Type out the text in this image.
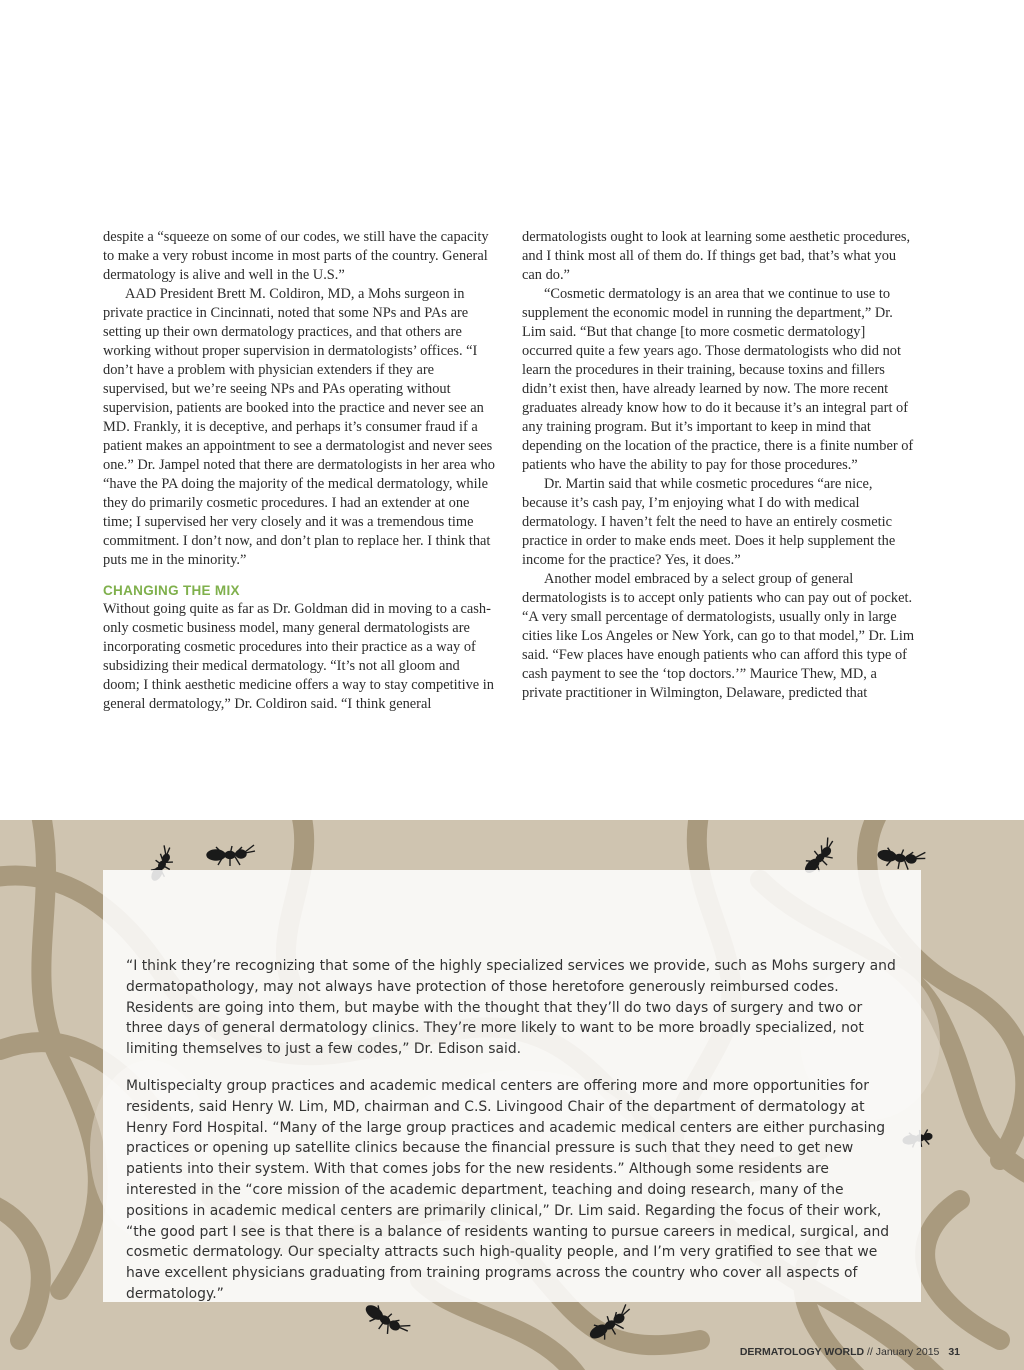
despite a “squeeze on some of our codes, we still have the capacity to make a very robust income in most parts of the country. General dermatology is alive and well in the U.S.”

AAD President Brett M. Coldiron, MD, a Mohs surgeon in private practice in Cincinnati, noted that some NPs and PAs are setting up their own dermatology practices, and that others are working without proper supervision in dermatologists’ offices. “I don’t have a problem with physician extenders if they are supervised, but we’re seeing NPs and PAs operating without supervision, patients are booked into the practice and never see an MD. Frankly, it is deceptive, and perhaps it’s consumer fraud if a patient makes an appointment to see a dermatologist and never sees one.” Dr. Jampel noted that there are dermatologists in her area who “have the PA doing the majority of the medical dermatology, while they do primarily cosmetic procedures. I had an extender at one time; I supervised her very closely and it was a tremendous time commitment. I don’t now, and don’t plan to replace her. I think that puts me in the minority.”

CHANGING THE MIX

Without going quite as far as Dr. Goldman did in moving to a cash-only cosmetic business model, many general dermatologists are incorporating cosmetic procedures into their practice as a way of subsidizing their medical dermatology. “It’s not all gloom and doom; I think aesthetic medicine offers a way to stay competitive in general dermatology,” Dr. Coldiron said. “I think general

dermatologists ought to look at learning some aesthetic procedures, and I think most all of them do. If things get bad, that’s what you can do.”

“Cosmetic dermatology is an area that we continue to use to supplement the economic model in running the department,” Dr. Lim said. “But that change [to more cosmetic dermatology] occurred quite a few years ago. Those dermatologists who did not learn the procedures in their training, because toxins and fillers didn’t exist then, have already learned by now. The more recent graduates already know how to do it because it’s an integral part of any training program. But it’s important to keep in mind that depending on the location of the practice, there is a finite number of patients who have the ability to pay for those procedures.”

Dr. Martin said that while cosmetic procedures “are nice, because it’s cash pay, I’m enjoying what I do with medical dermatology. I haven’t felt the need to have an entirely cosmetic practice in order to make ends meet. Does it help supplement the income for the practice? Yes, it does.”

Another model embraced by a select group of general dermatologists is to accept only patients who can pay out of pocket. “A very small percentage of dermatologists, usually only in large cities like Los Angeles or New York, can go to that model,” Dr. Lim said. “Few places have enough patients who can afford this type of cash payment to see the ‘top doctors.’” Maurice Thew, MD, a private practitioner in Wilmington, Delaware, predicted that

“I think they’re recognizing that some of the highly specialized services we provide, such as Mohs surgery and dermatopathology, may not always have protection of those heretofore generously reimbursed codes. Residents are going into them, but maybe with the thought that they’ll do two days of surgery and two or three days of general dermatology clinics. They’re more likely to want to be more broadly specialized, not limiting themselves to just a few codes,” Dr. Edison said.

Multispecialty group practices and academic medical centers are offering more and more opportunities for residents, said Henry W. Lim, MD, chairman and C.S. Livingood Chair of the department of dermatology at Henry Ford Hospital. “Many of the large group practices and academic medical centers are either purchasing practices or opening up satellite clinics because the financial pressure is such that they need to get new patients into their system. With that comes jobs for the new residents.” Although some residents are interested in the “core mission of the academic department, teaching and doing research, many of the positions in academic medical centers are primarily clinical,” Dr. Lim said. Regarding the focus of their work, “the good part I see is that there is a balance of residents wanting to pursue careers in medical, surgical, and cosmetic dermatology. Our specialty attracts such high-quality people, and I’m very gratified to see that we have excellent physicians graduating from training programs across the country who cover all aspects of dermatology.”

DERMATOLOGY WORLD // January 2015 31
